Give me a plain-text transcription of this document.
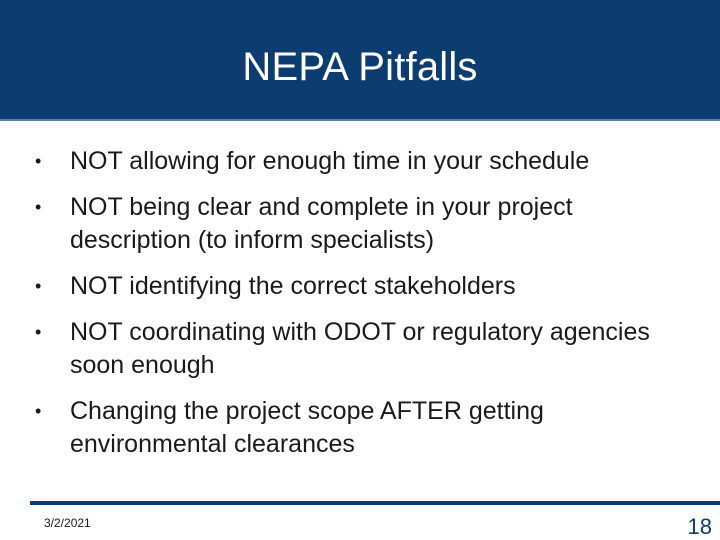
NEPA Pitfalls
• NOT allowing for enough time in your schedule
• NOT being clear and complete in your project description (to inform specialists)
• NOT identifying the correct stakeholders
• NOT coordinating with ODOT or regulatory agencies soon enough
• Changing the project scope AFTER getting environmental clearances
3/2/2021	18
